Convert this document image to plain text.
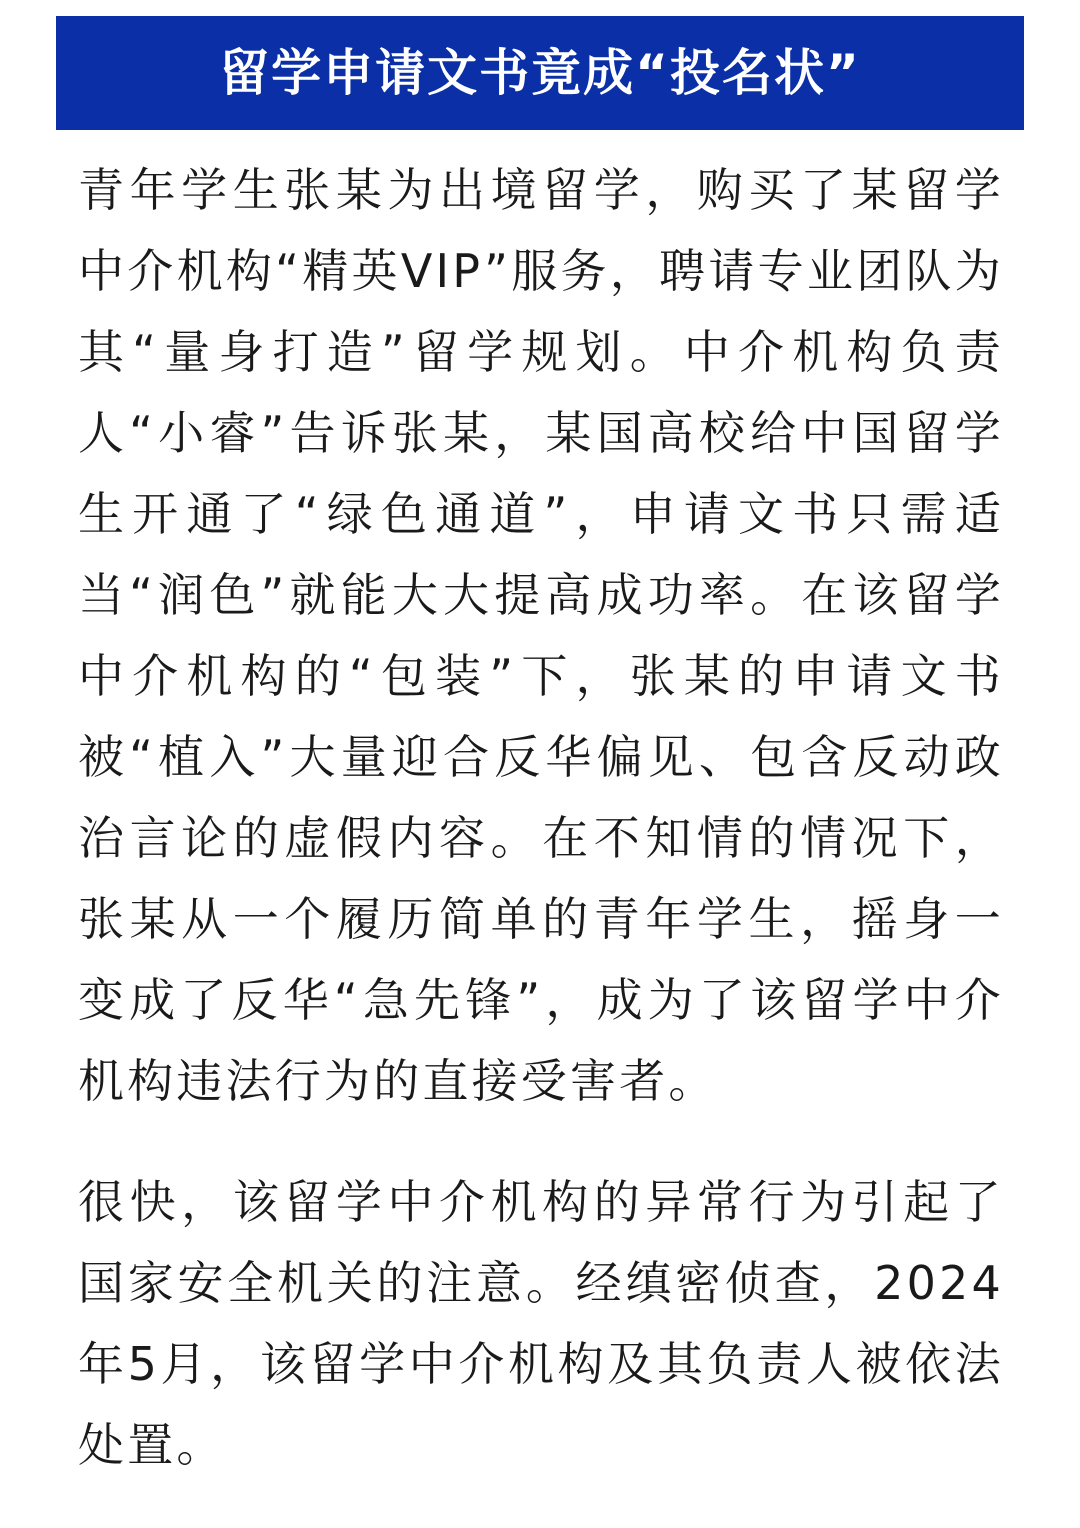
留学申请文书竟成“投名状”

青年学生张某为出境留学，购买了某留学中介机构“精英VIP”服务，聘请专业团队为其“量身打造”留学规划。中介机构负责人“小睿”告诉张某，某国高校给中国留学生开通了“绿色通道”，申请文书只需适当“润色”就能大大提高成功率。在该留学中介机构的“包装”下，张某的申请文书被“植入”大量迎合反华偏见、包含反动政治言论的虚假内容。在不知情的情况下，张某从一个履历简单的青年学生，摇身一变成了反华“急先锋”，成为了该留学中介机构违法行为的直接受害者。

很快，该留学中介机构的异常行为引起了国家安全机关的注意。经缜密侦查，2024年5月，该留学中介机构及其负责人被依法处置。
